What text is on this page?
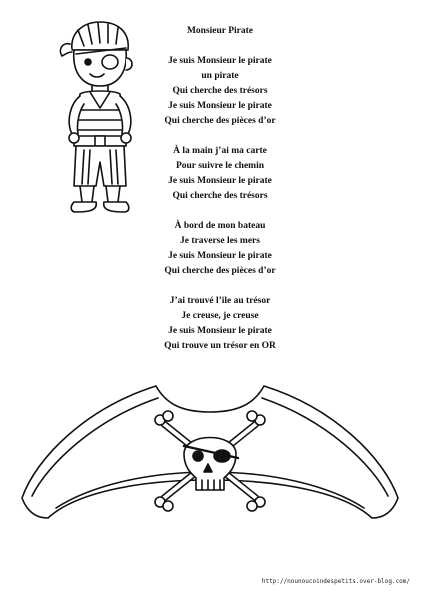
Monsieur Pirate
Je suis Monsieur le pirate
un pirate
Qui cherche des trésors
Je suis Monsieur le pirate
Qui cherche des pièces d’or
À la main j’ai ma carte
Pour suivre le chemin
Je suis Monsieur le pirate
Qui cherche des trésors
À bord de mon bateau
Je traverse les mers
Je suis Monsieur le pirate
Qui cherche des pièces d’or
J’ai trouvé l’ile au trésor
Je creuse, je creuse
Je suis Monsieur le pirate
Qui trouve un trésor en OR
http://nounoucoindespetits.over-blog.com/
